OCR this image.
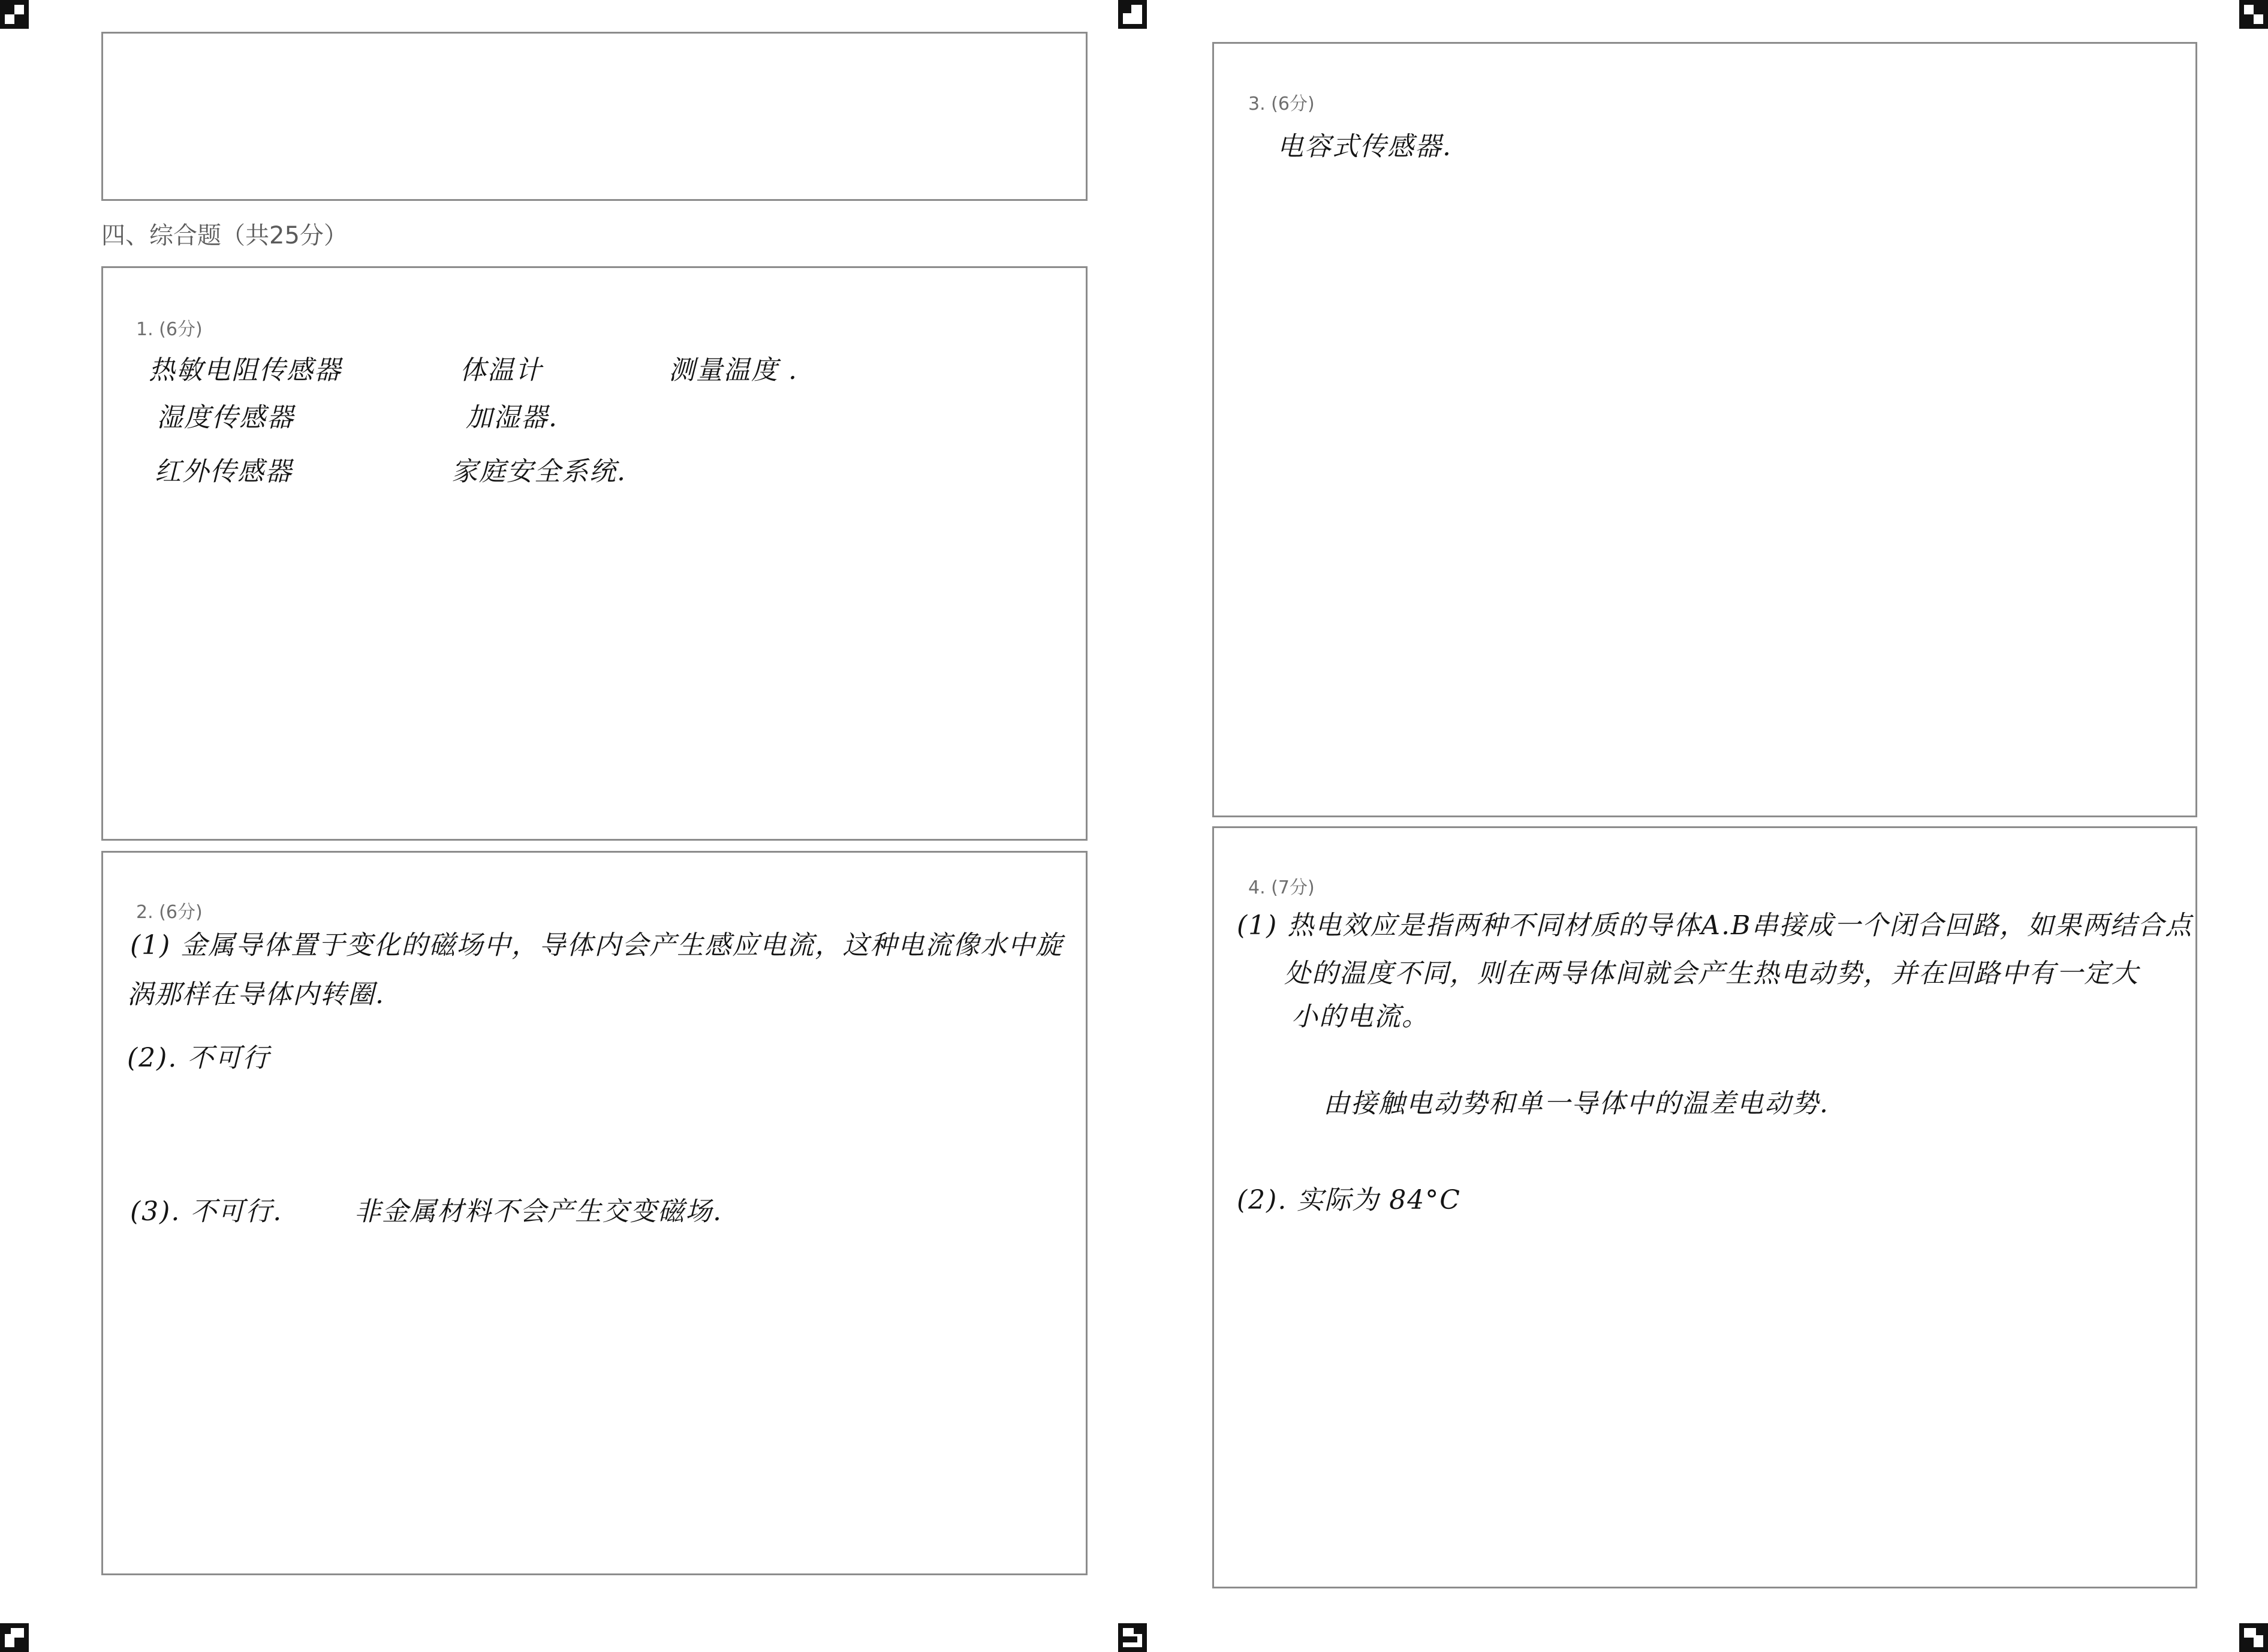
四、综合题（共25分）
1. (6分)
热敏电阻传感器	体温计	测量温度 .
湿度传感器	加湿器.
红外传感器	家庭安全系统.
2. (6分)
(1) 金属导体置于变化的磁场中，导体内会产生感应电流，这种电流像水中旋
涡那样在导体内转圈.
(2). 不可行
(3). 不可行.	非金属材料不会产生交变磁场.
3. (6分)
电容式传感器.
4. (7分)
(1) 热电效应是指两种不同材质的导体A.B串接成一个闭合回路，如果两结合点
处的温度不同，则在两导体间就会产生热电动势，并在回路中有一定大
小的电流。
由接触电动势和单一导体中的温差电动势.
(2). 实际为 84°C
